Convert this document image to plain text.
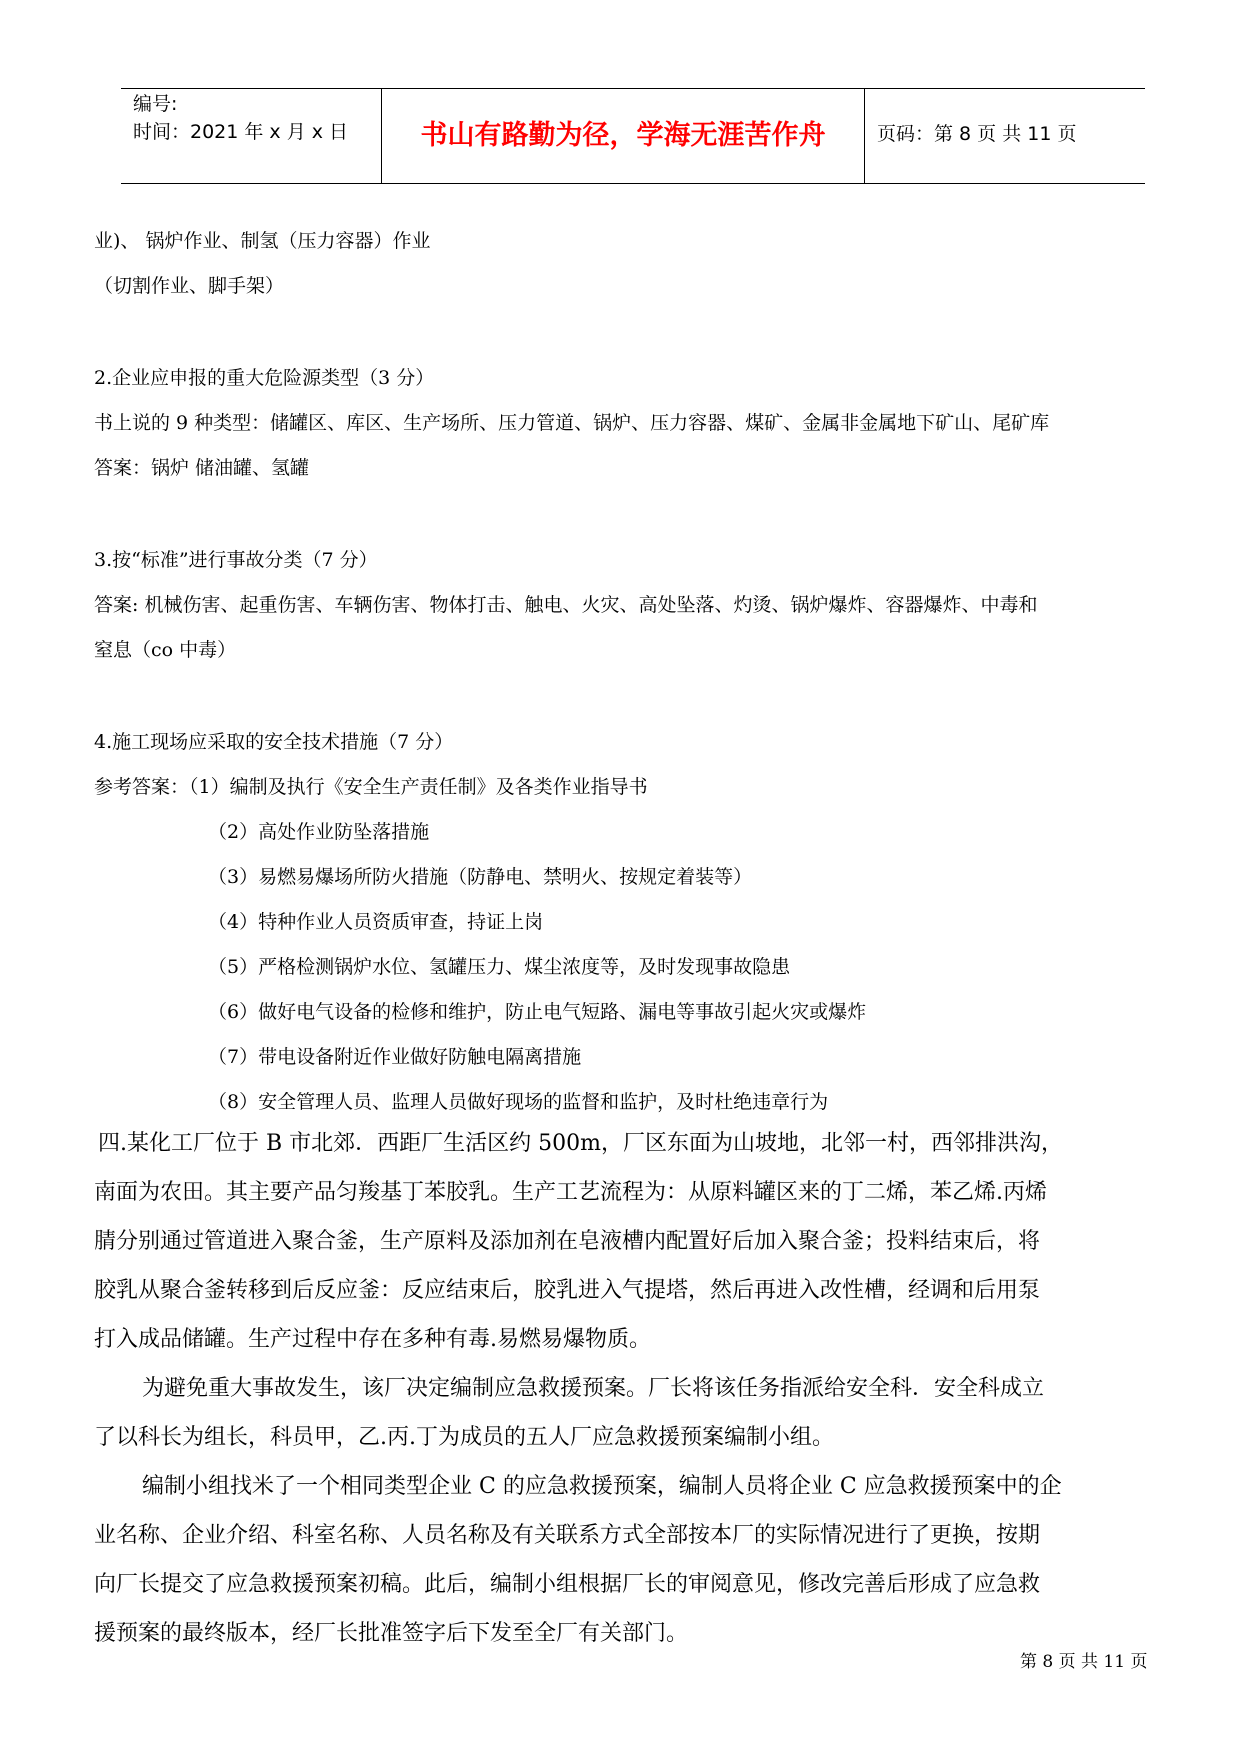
编号:
时间：2021 年 x 月 x 日	书山有路勤为径，学海无涯苦作舟	页码：第 8 页 共 11 页
业)、 锅炉作业、制氢（压力容器）作业
（切割作业、脚手架）
2.企业应申报的重大危险源类型（3 分）
书上说的 9 种类型：储罐区、库区、生产场所、压力管道、锅炉、压力容器、煤矿、金属非金属地下矿山、尾矿库
答案：锅炉 储油罐、氢罐
3.按“标准”进行事故分类（7 分）
答案: 机械伤害、起重伤害、车辆伤害、物体打击、触电、火灾、高处坠落、灼烫、锅炉爆炸、容器爆炸、中毒和
窒息（co 中毒）
4.施工现场应采取的安全技术措施（7 分）
参考答案：（1）编制及执行《安全生产责任制》及各类作业指导书
（2）高处作业防坠落措施
（3）易燃易爆场所防火措施（防静电、禁明火、按规定着装等）
（4）特种作业人员资质审查，持证上岗
（5）严格检测锅炉水位、氢罐压力、煤尘浓度等，及时发现事故隐患
（6）做好电气设备的检修和维护，防止电气短路、漏电等事故引起火灾或爆炸
（7）带电设备附近作业做好防触电隔离措施
（8）安全管理人员、监理人员做好现场的监督和监护，及时杜绝违章行为
四.某化工厂位于 B 市北郊．西距厂生活区约 500m，厂区东面为山坡地，北邻一村，西邻排洪沟，
南面为农田。其主要产品匀羧基丁苯胶乳。生产工艺流程为：从原料罐区来的丁二烯，苯乙烯.丙烯
腈分别通过管道进入聚合釜，生产原料及添加剂在皂液槽内配置好后加入聚合釜；投料结束后，将
胶乳从聚合釜转移到后反应釜：反应结束后，胶乳进入气提塔，然后再进入改性槽，经调和后用泵
打入成品储罐。生产过程中存在多种有毒.易燃易爆物质。
为避免重大事故发生，该厂决定编制应急救援预案。厂长将该任务指派给安全科．安全科成立
了以科长为组长，科员甲，乙.丙.丁为成员的五人厂应急救援预案编制小组。
编制小组找米了一个相同类型企业 C 的应急救援预案，编制人员将企业 C 应急救援预案中的企
业名称、企业介绍、科室名称、人员名称及有关联系方式全部按本厂的实际情况进行了更换，按期
向厂长提交了应急救援预案初稿。此后，编制小组根据厂长的审阅意见，修改完善后形成了应急救
援预案的最终版本，经厂长批准签字后下发至全厂有关部门。
第 8 页 共 11 页
